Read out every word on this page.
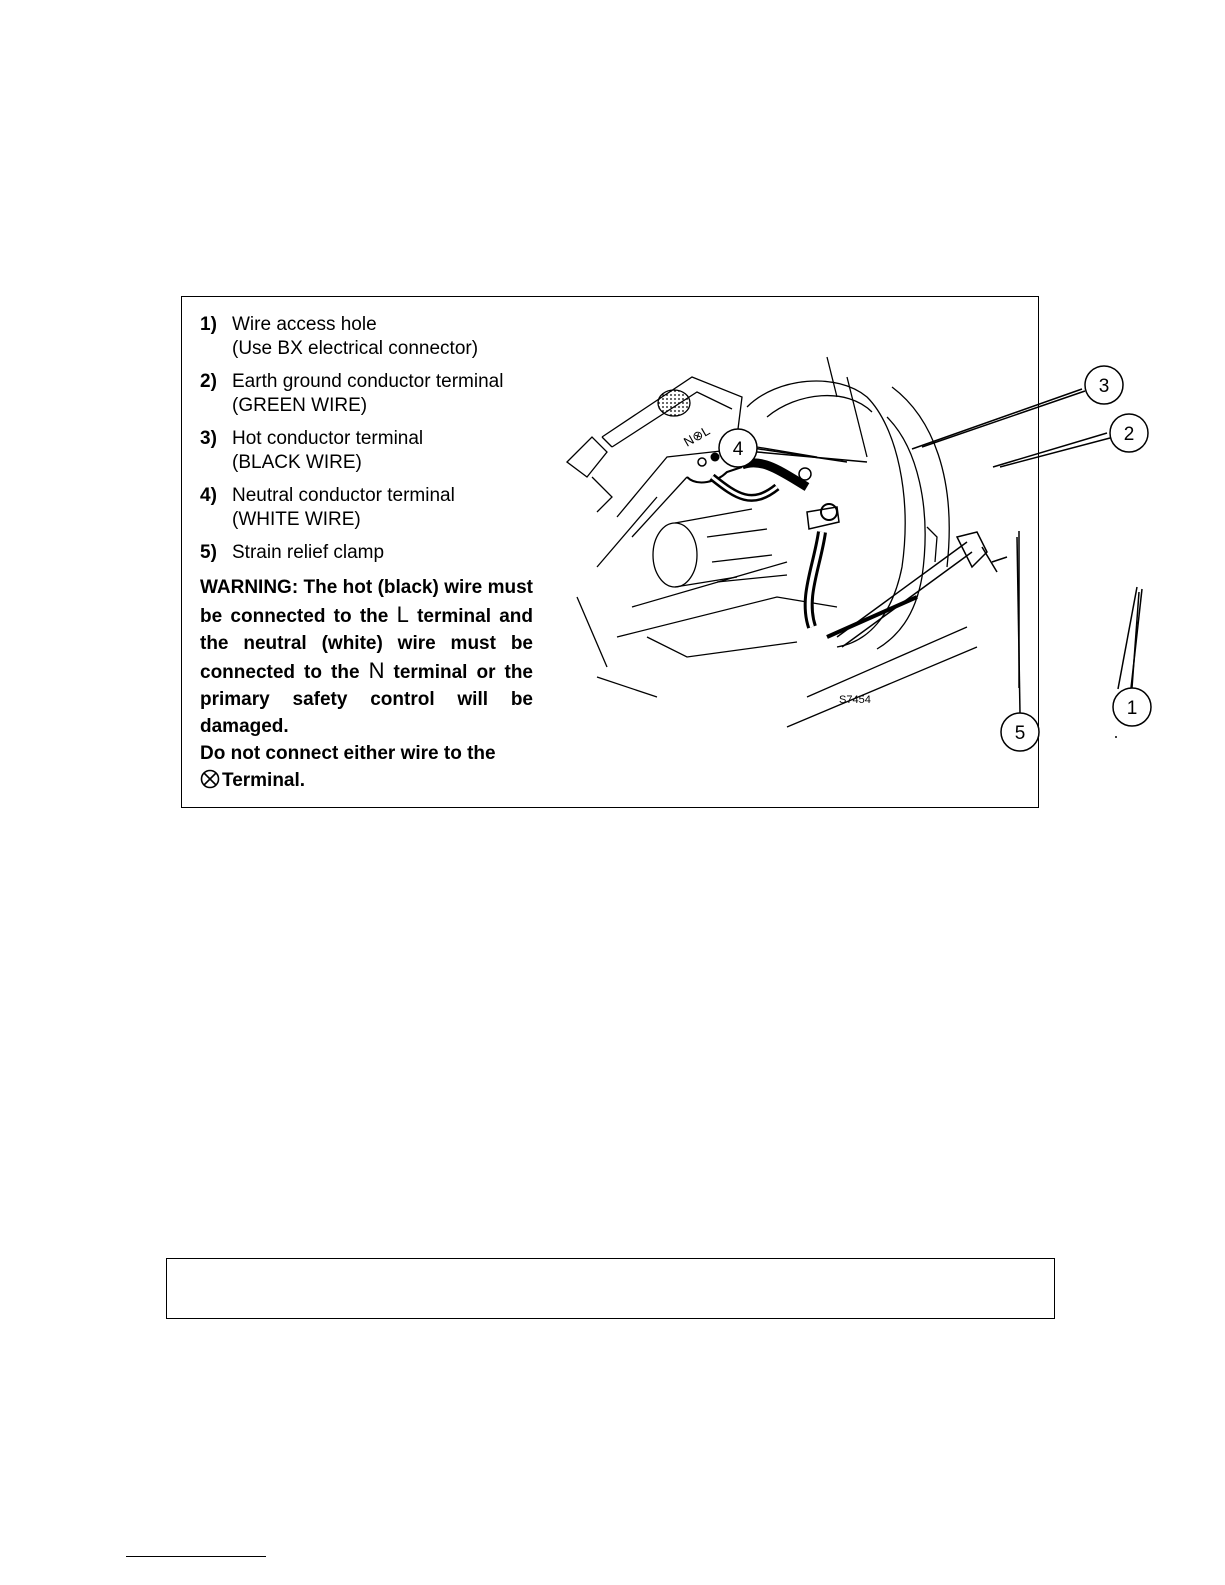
1) Wire access hole
(Use BX electrical connector)
2) Earth ground conductor terminal
(GREEN WIRE)
3) Hot conductor terminal
(BLACK WIRE)
4) Neutral conductor terminal
(WHITE WIRE)
5) Strain relief clamp
WARNING: The hot (black) wire must be connected to the L terminal and the neutral (white) wire must be connected to the N terminal or the primary safety control will be damaged.
Do not connect either wire to the
Terminal.
N⊗L
S7454	1
2
3
4
5
